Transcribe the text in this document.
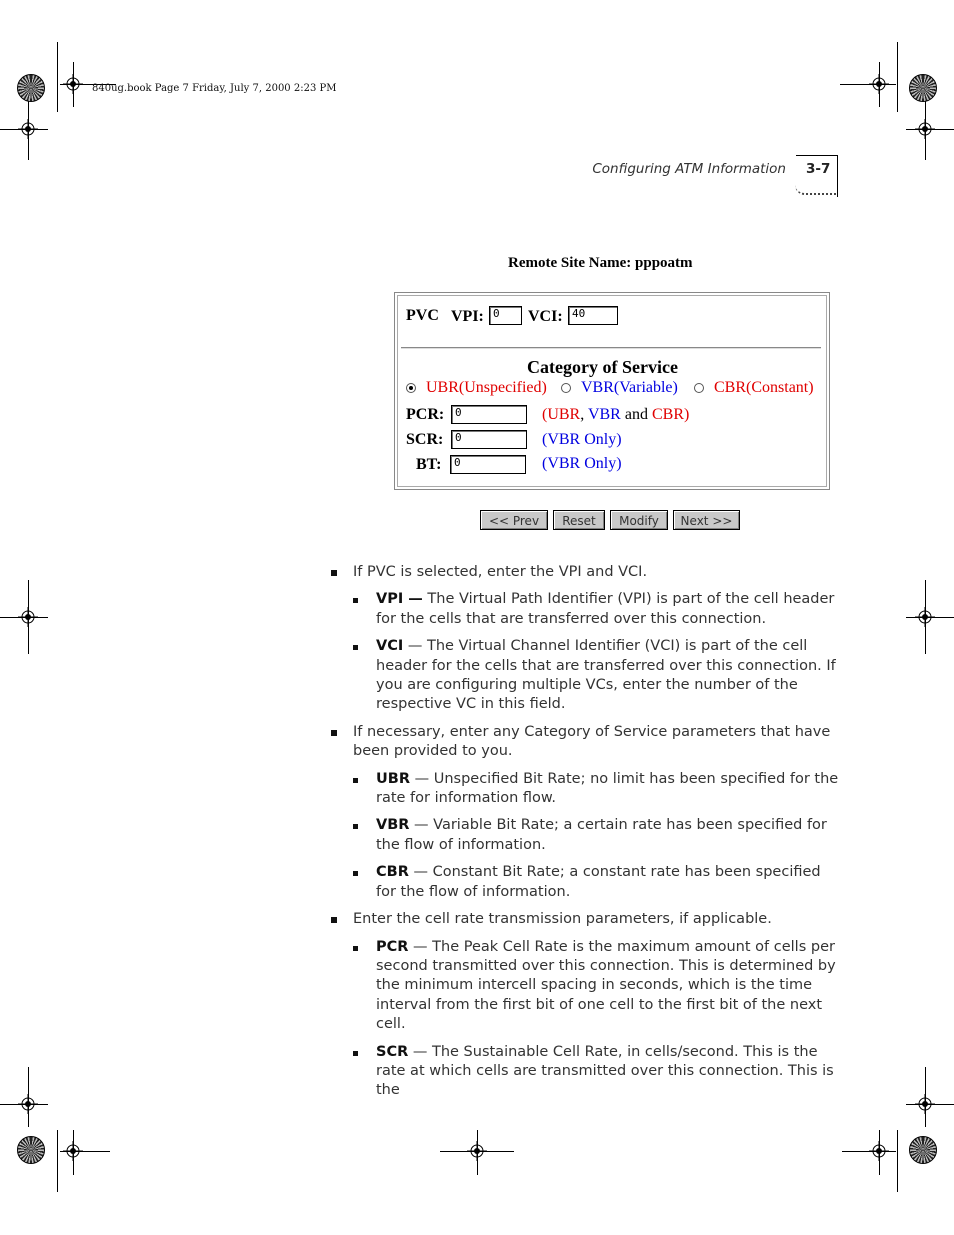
840ug.book Page 7 Friday, July 7, 2000 2:23 PM
Configuring ATM Information 3-7
Remote Site Name: pppoatm
PVC VPI: 0	VCI: 40
Category of Service
UBR(Unspecified) VBR(Variable) CBR(Constant)
PCR: 0	(UBR, VBR and CBR)
SCR:	0	(VBR Only)
BT:	0	(VBR Only)
<< Prev	Reset	Modify	Next >>
If PVC is selected, enter the VPI and VCI.
VPI — The Virtual Path Identifier (VPI) is part of the cell header for the cells that are transferred over this connection.
VCI — The Virtual Channel Identifier (VCI) is part of the cell header for the cells that are transferred over this connection. If you are configuring multiple VCs, enter the number of the respective VC in this field.
If necessary, enter any Category of Service parameters that have been provided to you.
UBR — Unspecified Bit Rate; no limit has been specified for the rate for information flow.
VBR — Variable Bit Rate; a certain rate has been specified for the flow of information.
CBR — Constant Bit Rate; a constant rate has been specified for the flow of information.
Enter the cell rate transmission parameters, if applicable.
PCR — The Peak Cell Rate is the maximum amount of cells per second transmitted over this connection. This is determined by the minimum intercell spacing in seconds, which is the time interval from the first bit of one cell to the first bit of the next cell.
SCR — The Sustainable Cell Rate, in cells/second. This is the rate at which cells are transmitted over this connection. This is the
